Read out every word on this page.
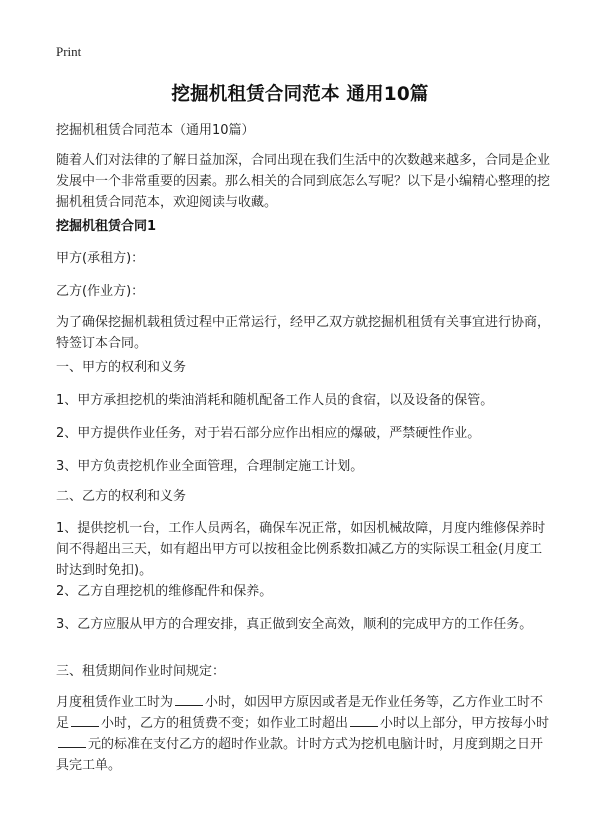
Print
挖掘机租赁合同范本 通用10篇
挖掘机租赁合同范本（通用10篇）
随着人们对法律的了解日益加深，合同出现在我们生活中的次数越来越多，合同是企业发展中一个非常重要的因素。那么相关的合同到底怎么写呢？以下是小编精心整理的挖掘机租赁合同范本，欢迎阅读与收藏。
挖掘机租赁合同1
甲方(承租方)：
乙方(作业方)：
为了确保挖掘机载租赁过程中正常运行，经甲乙双方就挖掘机租赁有关事宜进行协商，特签订本合同。
一、甲方的权利和义务
1、甲方承担挖机的柴油消耗和随机配备工作人员的食宿，以及设备的保管。
2、甲方提供作业任务，对于岩石部分应作出相应的爆破，严禁硬性作业。
3、甲方负责挖机作业全面管理，合理制定施工计划。
二、乙方的权利和义务
1、提供挖机一台，工作人员两名，确保车况正常，如因机械故障，月度内维修保养时间不得超出三天，如有超出甲方可以按租金比例系数扣减乙方的实际误工租金(月度工时达到时免扣)。
2、乙方自理挖机的维修配件和保养。
3、乙方应服从甲方的合理安排，真正做到安全高效，顺利的完成甲方的工作任务。
三、租赁期间作业时间规定：
月度租赁作业工时为 小时，如因甲方原因或者是无作业任务等，乙方作业工时不足 小时，乙方的租赁费不变；如作业工时超出 小时以上部分，甲方按每小时元的标准在支付乙方的超时作业款。计时方式为挖机电脑计时，月度到期之日开具完工单。
